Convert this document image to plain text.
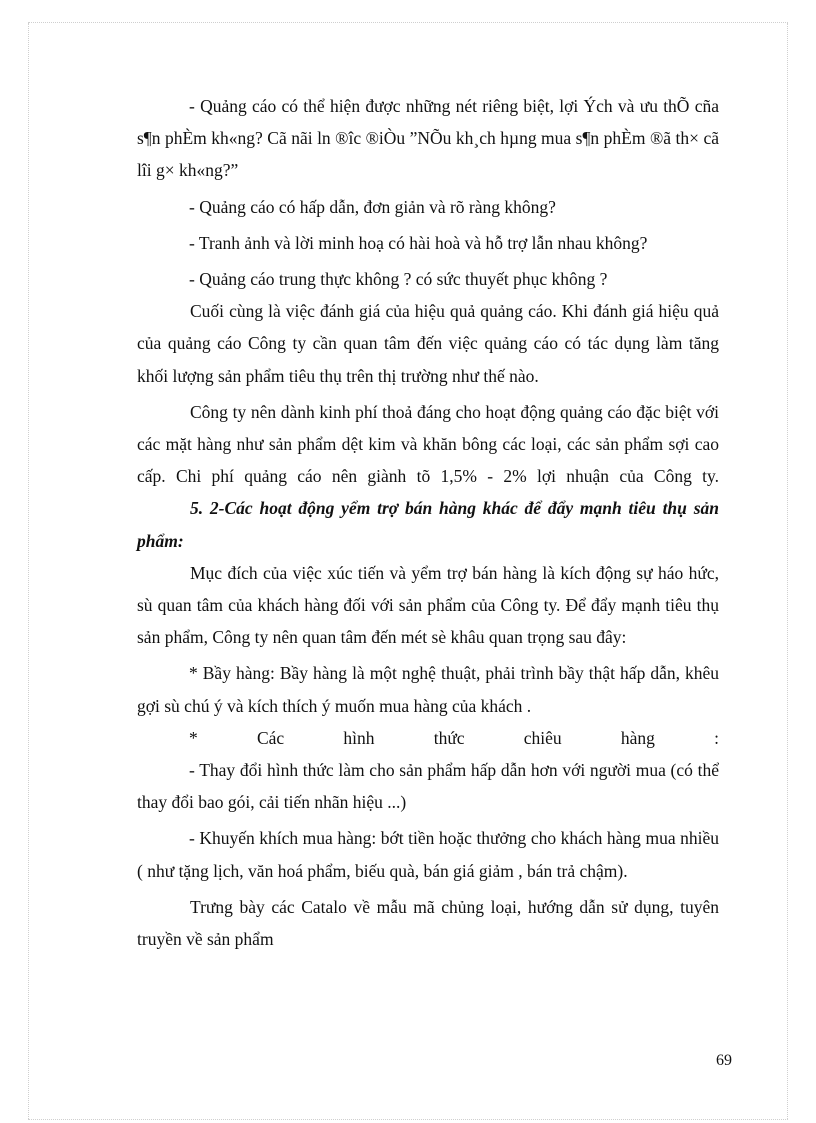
- Quảng cáo có thể hiện được những nét riêng biệt, lợi Ých và ưu thÕ cña s¶n phÈm kh«ng? Cã nãi ln ®îc ®iÒu ”NÕu kh¸ch hµng mua s¶n phÈm ®ã th× cã lîi g× kh«ng?”

- Quảng cáo có hấp dẫn, đơn giản và rõ ràng không?

- Tranh ảnh và lời minh hoạ có hài hoà và hỗ trợ lẫn nhau không?

- Quảng cáo trung thực không ? có sức thuyết phục không ?

Cuối cùng là việc đánh giá của hiệu quả quảng cáo. Khi đánh giá hiệu quả của quảng cáo Công ty cần quan tâm đến việc quảng cáo có tác dụng làm tăng khối lượng sản phẩm tiêu thụ trên thị trường như thế nào.

Công ty nên dành kinh phí thoả đáng cho hoạt động quảng cáo đặc biệt với các mặt hàng như sản phẩm dệt kim và khăn bông các loại, các sản phẩm sợi cao cấp. Chi phí quảng cáo nên giành tõ 1,5% - 2% lợi nhuận của Công ty.

5. 2-Các hoạt động yểm trợ bán hàng khác để đẩy mạnh tiêu thụ sản phẩm:

Mục đích của việc xúc tiến và yểm trợ bán hàng là kích động sự háo hức, sù quan tâm của khách hàng đối với sản phẩm của Công ty. Để đẩy mạnh tiêu thụ sản phẩm, Công ty nên quan tâm đến mét sè khâu quan trọng sau đây:

* Bầy hàng: Bầy hàng là một nghệ thuật, phải trình bầy thật hấp dẫn, khêu gợi sù chú ý và kích thích ý muốn mua hàng của khách .

* Các hình thức chiêu hàng :

- Thay đổi hình thức làm cho sản phẩm hấp dẫn hơn với người mua (có thể thay đổi bao gói, cải tiến nhãn hiệu ...)

- Khuyến khích mua hàng: bớt tiền hoặc thưởng cho khách hàng mua nhiều ( như tặng lịch, văn hoá phẩm, biếu quà, bán giá giảm , bán trả chậm).

Trưng bày các Catalo về mẫu mã chủng loại, hướng dẫn sử dụng, tuyên truyền về sản phẩm

69
